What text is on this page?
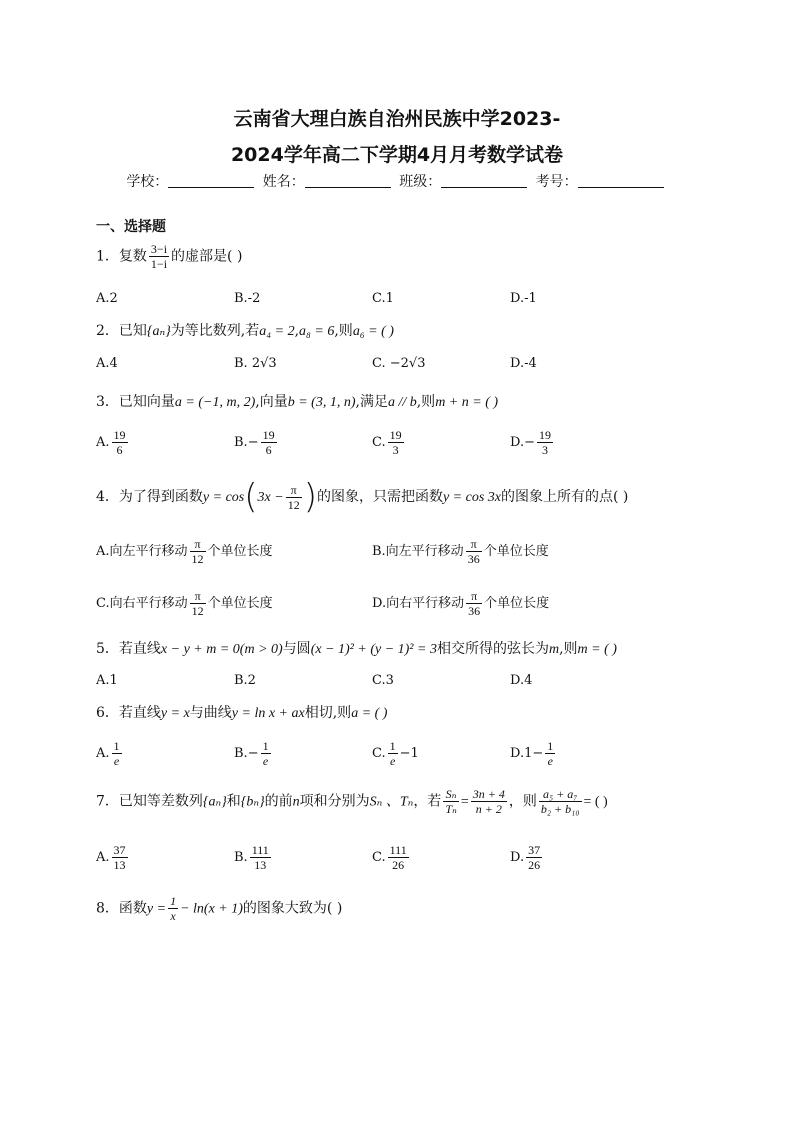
云南省大理白族自治州民族中学2023-
2024学年高二下学期4月月考数学试卷
学校：	姓名：	班级：	考号：
一、选择题
1．复数 $\frac{3-i}{1-i}$ 的虚部是( )
A.2	B.-2	C.1	D.-1
2．已知{aₙ}为等比数列,若a₄ = 2,a₈ = 6,则a₆ = ( )
A.4	B. 2√3	C. −2√3	D.-4
3．已知向量a = (−1, m, 2),向量b = (3, 1, n),满足a // b,则m + n = ( )
A. $\frac{19}{6}$	$B.- \frac{19}{6}$	C. $\frac{19}{3}$	$D.- \frac{19}{3}$
4．为了得到函数$y = \cos(3x - \frac{\pi}{12}$ )的图象，只需把函数y = cos 3x的图象上所有的点( )
A.向左平行移动 $\frac{\pi}{12}$ 个单位长度	B.向左平行移动 $\frac{\pi}{36}$ 个单位长度
C.向右平行移动 $\frac{\pi}{12}$ 个单位长度	D.向右平行移动 $\frac{\pi}{36}$ 个单位长度
5．若直线x − y + m = 0(m > 0)与圆(x − 1)² + (y − 1)² = 3相交所得的弦长为m,则m = ( )
A.1	B.2	C.3	D.4
6．若直线y = x与曲线y = ln x + ax相切,则a = ( )
A. $\frac{1}{e}$	$B.- \frac{1}{e}$	C. $\frac{1}{e} -1$	$D.1- \frac{1}{e}$
7．已知等差数列{aₙ}和{bₙ}的前n项和分别为Sₙ 、Tₙ，若 $\frac{\text{Sₙ}}{\text{Tₙ}} = \frac{3n + 4}{n + 2}$ ，则 $\frac{\text{a₅ + a₇}}{\text{b₂ + b₁₀}}$ = ( )
A. $\frac{37}{13}$	B. $\frac{111}{13}$	C. $\frac{111}{26}$	D. $\frac{37}{26}$
8．函数$y = \frac{1}{x} - \ln(x + 1)$的图象大致为( )
